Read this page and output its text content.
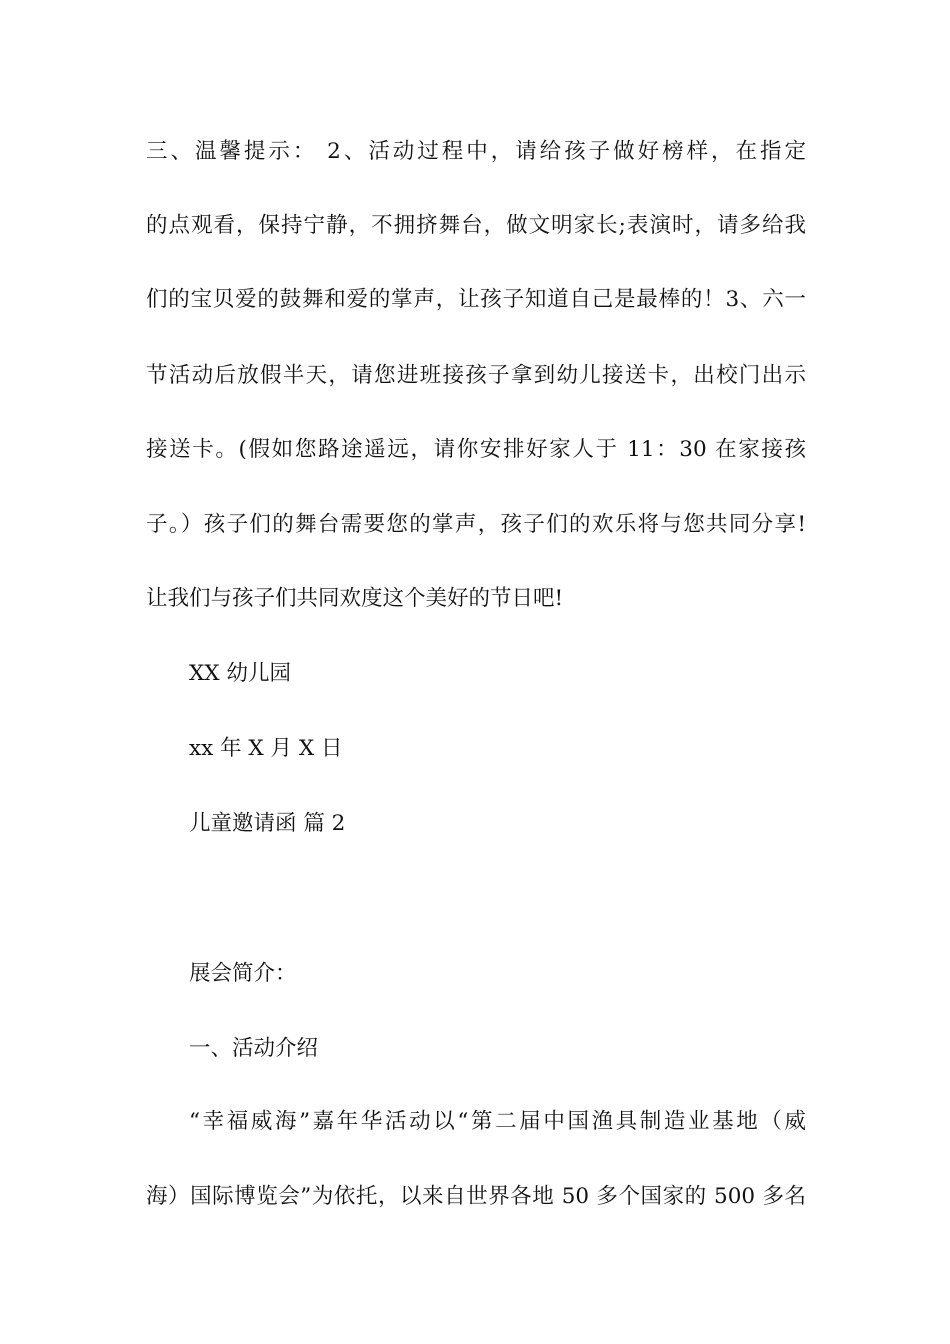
三、温馨提示： 2、活动过程中，请给孩子做好榜样，在指定
的点观看，保持宁静，不拥挤舞台，做文明家长;表演时，请多给我
们的宝贝爱的鼓舞和爱的掌声，让孩子知道自己是最棒的！3、六一
节活动后放假半天，请您进班接孩子拿到幼儿接送卡，出校门出示
接送卡。(假如您路途遥远，请你安排好家人于 11：30 在家接孩
子。）孩子们的舞台需要您的掌声，孩子们的欢乐将与您共同分享!
让我们与孩子们共同欢度这个美好的节日吧!
XX 幼儿园
xx 年 X 月 X 日
儿童邀请函 篇 2
展会简介：
一、活动介绍
“幸福威海”嘉年华活动以“第二届中国渔具制造业基地（威
海）国际博览会”为依托，以来自世界各地 50 多个国家的 500 多名
